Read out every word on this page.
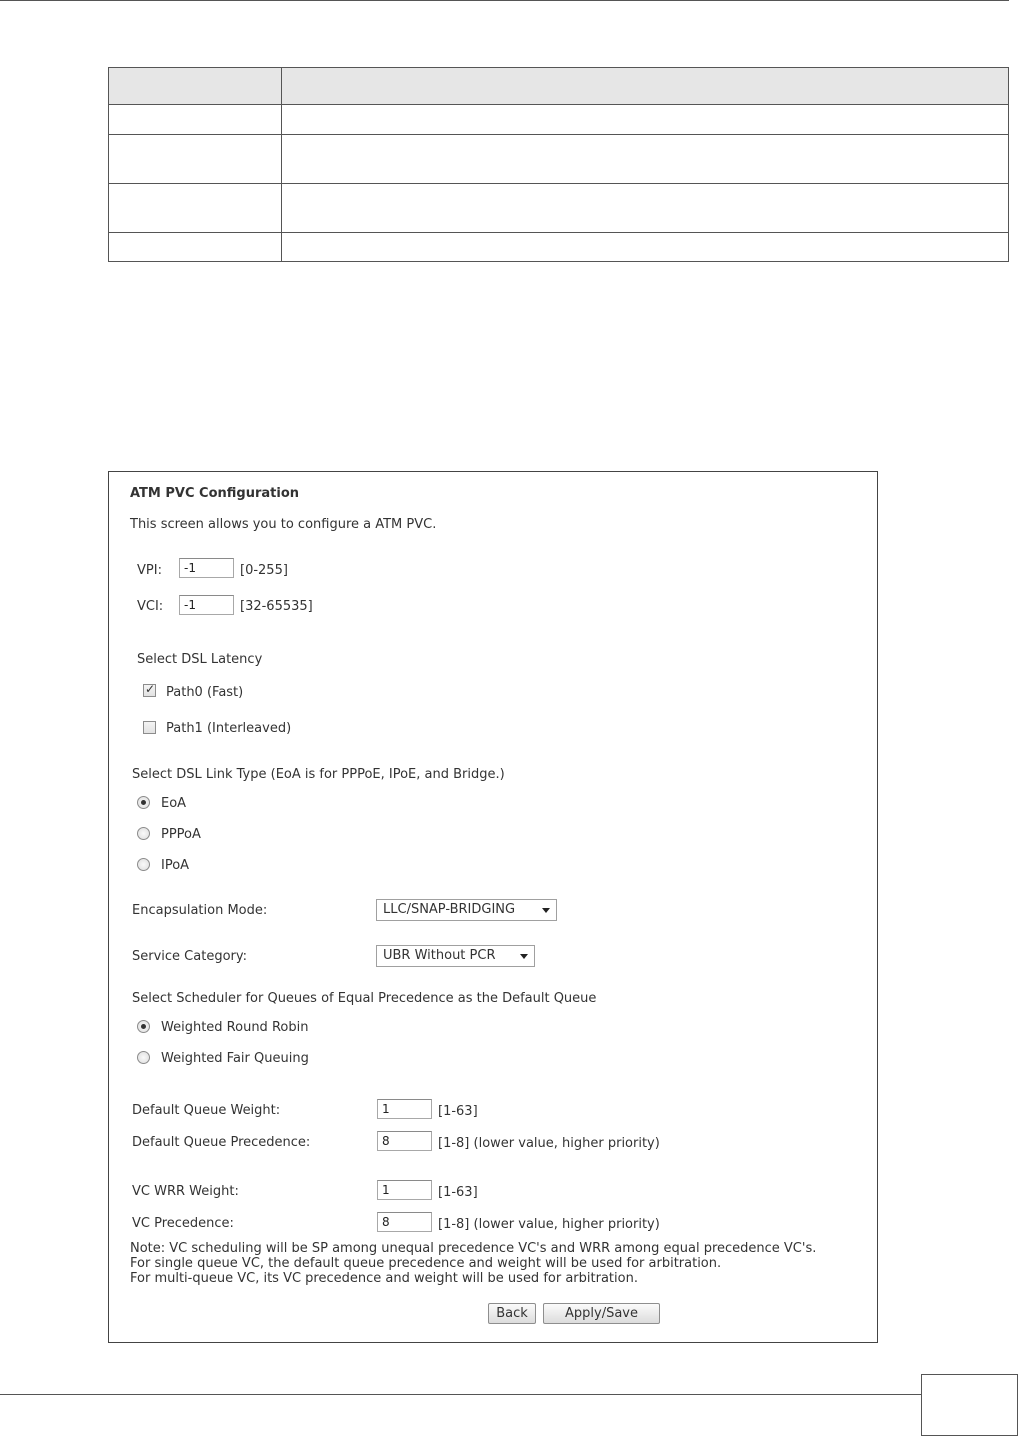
ATM PVC Configuration
This screen allows you to configure a ATM PVC.
VPI:
-1	[0-255]
VCI:
-1	[32-65535]
Select DSL Latency
✓ Path0 (Fast)
Path1 (Interleaved)
Select DSL Link Type (EoA is for PPPoE, IPoE, and Bridge.)
EoA
PPPoA
IPoA
Encapsulation Mode:	LLC/SNAP-BRIDGING
Service Category:	UBR Without PCR
Select Scheduler for Queues of Equal Precedence as the Default Queue
Weighted Round Robin
Weighted Fair Queuing
Default Queue Weight:
1	[1-63]
Default Queue Precedence:
8	[1-8] (lower value, higher priority)
VC WRR Weight:
1	[1-63]
VC Precedence:
8	[1-8] (lower value, higher priority)
Note: VC scheduling will be SP among unequal precedence VC's and WRR among equal precedence VC's.
For single queue VC, the default queue precedence and weight will be used for arbitration.
For multi-queue VC, its VC precedence and weight will be used for arbitration.
Back	Apply/Save
